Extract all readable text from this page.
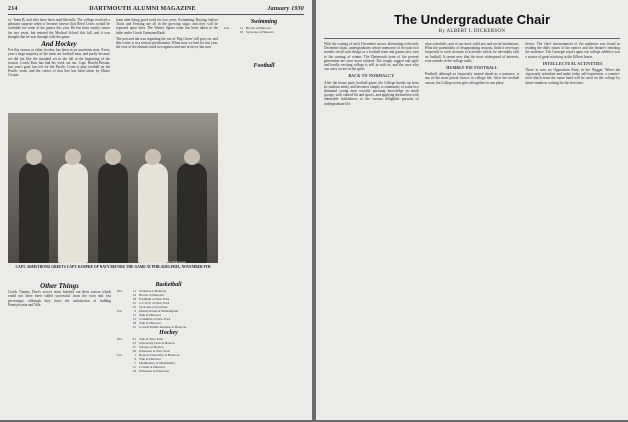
214	DARTMOUTH ALUMNI MAGAZINE	January 1930
vs. Team B, and who have been used liberally. The college received a pleasant surprise when it became known that Reed Lewis would be available for some of the games this year. He has been varsity center for two years, but entered the Medical School this fall, and it was thought that he was through with the game.
And Hockey
For this reason or other, hockey has been in an uncertain state. Every year a large majority of the team are football men, and partly because we did not like the standard set in the fall at the beginning of the season, Coach Ross has had his work cut out. Capt. Harold Bosma, last year's goal, has left for the Pacific Coast to play football on the Pacific team, and the center of that line has been taken by Elmer Cooper.
team after doing good work for two years. Swimming, Boxing, Indoor Track and Fencing are all in the growing stage, and they will be repeated upon later. The Winter Sports team has been taken to the table under Coach Germann Raab.
The pen and ink was regarding the use of 'Big Green' still goes on, and this writer is in a serious predicament. When may we find for last year, the vote of the alumni stood two against and one in favor, but now
Swimming
Jan.	11 Brown at Hanover
18 Syracuse at Hanover
Football
Photo by Underwood
CAPT. ARMSTRONG GREETS CAPT. KOSPKE OF NAVY BEFORE THE GAME AT PHILADELPHIA, NOVEMBER 9TH
Other Things
Coach Tommy Dent's soccer team finished out their season which could not have been called successful from the won and lost percentage, although they have the satisfaction of holding Pennsylvania and Yale.
Basketball
Dec.	11 Vermont at Hanover
14 Brown at Hanover
18 Fordham at New York
21 C.C.N.Y. at New York
23 Syracuse at Syracuse
Jan.	4 Pennsylvania at Philadelphia
11 Yale at Hanover
15 Columbia at New York
18 Yale at Hanover
21 Lowell Textile Institute at Hanover
Hockey
Dec.	21 Yale at New York
23 University Club at Boston
27 Toronto at Boston
28 Princeton at New York
Jan.	1 Boston University at Hanover
4 Yale at Hanover
7 Middlebury at Middlebury
11 Cornell at Hanover
18 Princeton at Princeton
The Undergraduate Chair
By ALBERT I. DICKERSON
With the coming of early December snows, alternating with early December slush, undergraduates whose memories of the past two months recall such things as a football team and games now turn to the coming of winter. The Dartmouth team of the present generation are once more relaxed. The rough, rugged and agile and hardly exciting college is still in with us, and the ones who can carry on are in the spirit.
BACK TO NORMALCY
After the house party football game, the College breaks up from its stadium entity, and becomes simply a community of some two thousand young men socially pursuing knowledge in small groups, with valued Sis and sports, and applying themselves with admirable faithfulness to the various delightful pursuits of undergraduate life.
what schedules, and of our most valid arts and social institutions. What the potentiality of disappointing seasons, finds it necessary frequently to seek recourse to activities which, be inevitably falls on football. It seems now that the most widespread of interests, even outside of the college walls.
HUMBLY PIE FOOTBALL
Football, although so frequently treated ahead as a nuisance, is one of the most potent factors in college life. After the football season, the College never gets all together in one place.
Series. The chief entertainment of the audience was found in reading the daily issues of the opera's and the theater's reaching the audience. The Carnegie report upon our college athletics was a source of great rejoicing in the Gilbert house.
INTELLECTUAL ACTIVITIES
There is now no Opposition Party in the Nugget. When the vigorously articulate and make today self-expression, a counter-feed which from the same hand will be used on the college by future minds in writing for the first time.
